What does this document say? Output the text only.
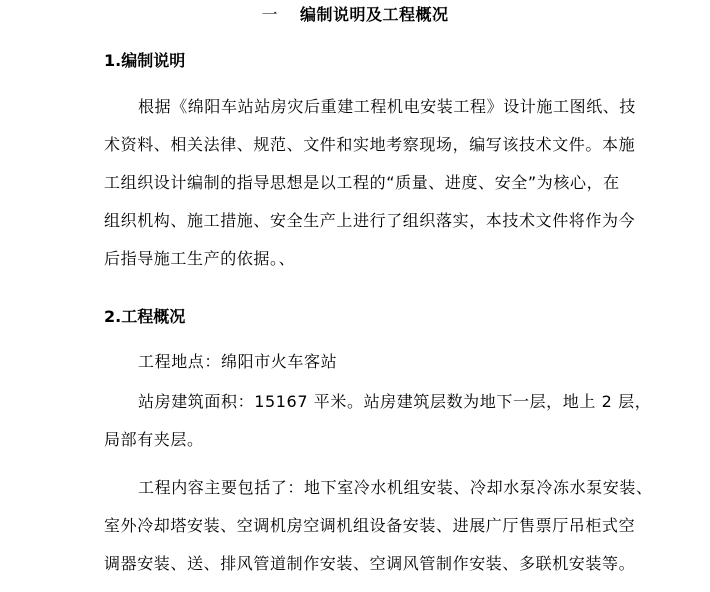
一 编制说明及工程概况
1.编制说明
根据《绵阳车站站房灾后重建工程机电安装工程》设计施工图纸、技
术资料、相关法律、规范、文件和实地考察现场，编写该技术文件。本施
工组织设计编制的指导思想是以工程的“质量、进度、安全”为核心，在
组织机构、施工措施、安全生产上进行了组织落实，本技术文件将作为今
后指导施工生产的依据。、
2.工程概况
工程地点：绵阳市火车客站
站房建筑面积：15167 平米。站房建筑层数为地下一层，地上 2 层，
局部有夹层。
工程内容主要包括了：地下室冷水机组安装、冷却水泵冷冻水泵安装、
室外冷却塔安装、空调机房空调机组设备安装、进展广厅售票厅吊柜式空
调器安装、送、排风管道制作安装、空调风管制作安装、多联机安装等。
